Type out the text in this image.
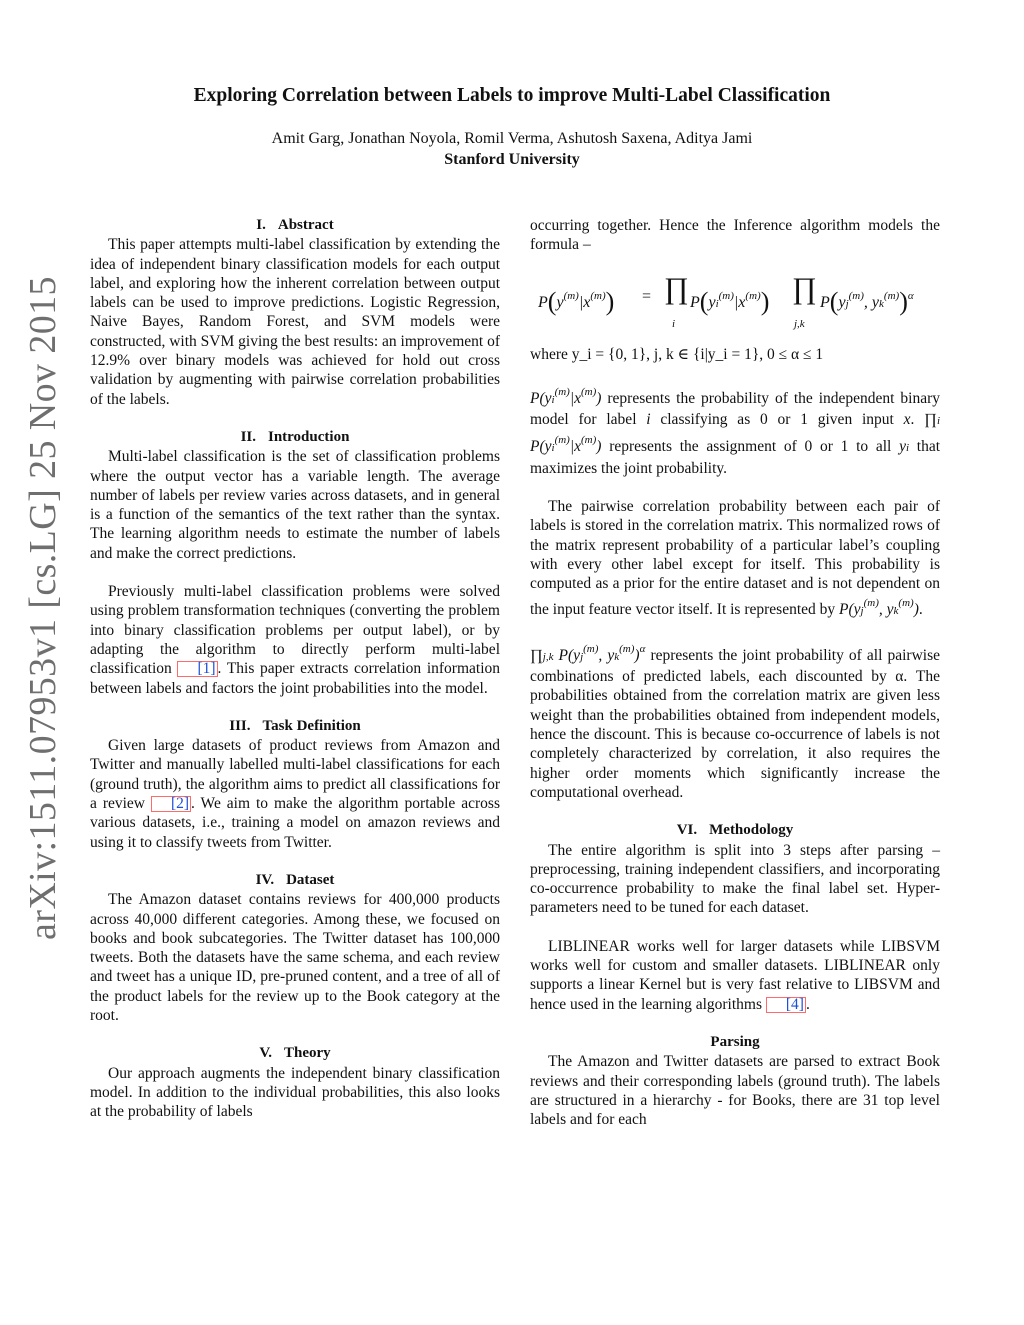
arXiv:1511.07953v1 [cs.LG] 25 Nov 2015
Exploring Correlation between Labels to improve Multi-Label Classification
Amit Garg, Jonathan Noyola, Romil Verma, Ashutosh Saxena, Aditya Jami
Stanford University
I. Abstract

This paper attempts multi-label classification by extending the idea of independent binary classification models for each output label, and exploring how the inherent correlation between output labels can be used to improve predictions. Logistic Regression, Naive Bayes, Random Forest, and SVM models were constructed, with SVM giving the best results: an improvement of 12.9% over binary models was achieved for hold out cross validation by augmenting with pairwise correlation probabilities of the labels.

II. Introduction

Multi-label classification is the set of classification problems where the output vector has a variable length. The average number of labels per review varies across datasets, and in general is a function of the semantics of the text rather than the syntax. The learning algorithm needs to estimate the number of labels and make the correct predictions.

Previously multi-label classification problems were solved using problem transformation techniques (converting the problem into binary classification problems per output label), or by adapting the algorithm to directly perform multi-label classification [1] . This paper extracts correlation information between labels and factors the joint probabilities into the model.

III. Task Definition

Given large datasets of product reviews from Amazon and Twitter and manually labelled multi-label classifications for each (ground truth), the algorithm aims to predict all classifications for a review [2] . We aim to make the algorithm portable across various datasets, i.e., training a model on amazon reviews and using it to classify tweets from Twitter.

IV. Dataset

The Amazon dataset contains reviews for 400,000 products across 40,000 different categories. Among these, we focused on books and book subcategories. The Twitter dataset has 100,000 tweets. Both the datasets have the same schema, and each review and tweet has a unique ID, pre-pruned content, and a tree of all of the product labels for the review up to the Book category at the root.

V. Theory

Our approach augments the independent binary classification model. In addition to the individual probabilities, this also looks at the probability of labels

occurring together. Hence the Inference algorithm models the formula –

$P(y^{(m)}|x^{(m)})$ = ∏
i
$P(yi^{(m)}|x^{(m)})$ ∏
j,k
$P(yj^{(m)}$, $yk^{(m)})^\alpha$

where y_i = {0, 1}, j, k ∈ {i|y_i = 1}, 0 ≤ α ≤ 1

$P(yi^{(m)}|x^{(m)})$ represents the probability of the independent binary model for label i classifying as 0 or 1 given input x. ∏i $P(yi^{(m)}|x^{(m)})$ represents the assignment of 0 or 1 to all yi that maximizes the joint probability.

The pairwise correlation probability between each pair of labels is stored in the correlation matrix. This normalized rows of the matrix represent probability of a particular label’s coupling with every other label except for itself. This probability is computed as a prior for the entire dataset and is not dependent on the input feature vector itself. It is represented by $P(yj^{(m)}$, $yk^{(m)}$).

∏j,k $P(yj^{(m)}$, $yk^{(m)})^\alpha$ represents the joint probability of all pairwise combinations of predicted labels, each discounted by α. The probabilities obtained from the correlation matrix are given less weight than the probabilities obtained from independent models, hence the discount. This is because co-occurrence of labels is not completely characterized by correlation, it also requires the higher order moments which significantly increase the computational overhead.

VI. Methodology

The entire algorithm is split into 3 steps after parsing – preprocessing, training independent classifiers, and incorporating co-occurrence probability to make the final label set. Hyper-parameters need to be tuned for each dataset.

LIBLINEAR works well for larger datasets while LIBSVM works well for custom and smaller datasets. LIBLINEAR only supports a linear Kernel but is very fast relative to LIBSVM and hence used in the learning algorithms [4] .

Parsing

The Amazon and Twitter datasets are parsed to extract Book reviews and their corresponding labels (ground truth). The labels are structured in a hierarchy - for Books, there are 31 top level labels and for each
